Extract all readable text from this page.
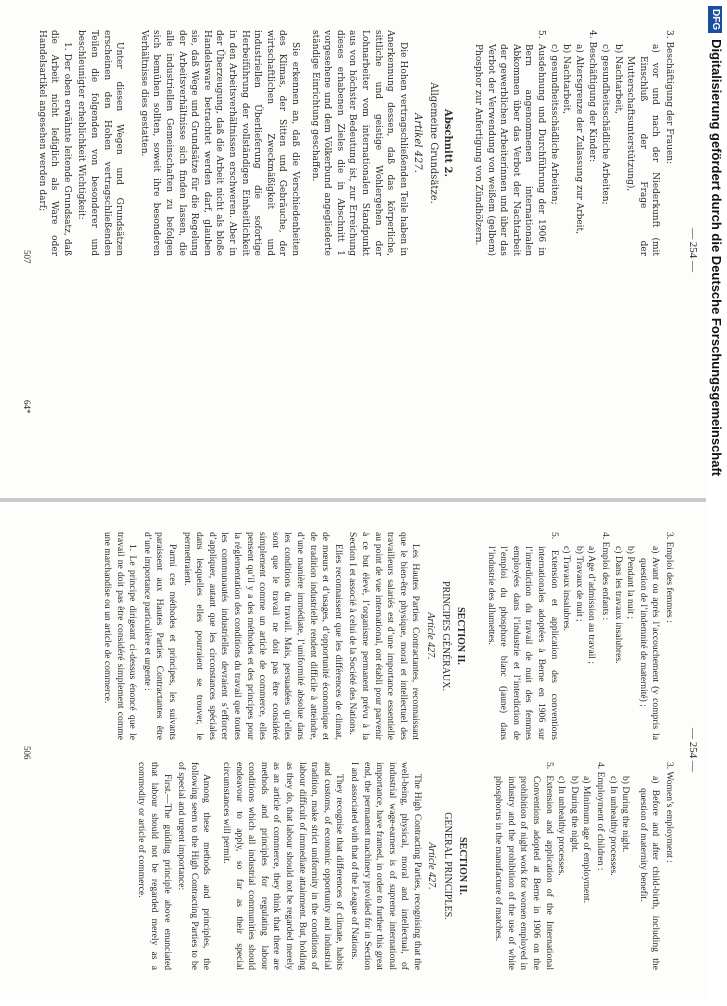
— 254 —

3. Beschäftigung der Frauen:

a) vor und nach der Niederkunft (mit Einschluß der Frage der Mutterschaftsunterstützung),

b) Nachtarbeit,

c) gesundheitsschädliche Arbeiten;

4. Beschäftigung der Kinder:

a) Altersgrenze der Zulassung zur Arbeit,

b) Nachtarbeit,

c) gesundheitsschädliche Arbeiten;

5. Ausdehnung und Durchführung der 1906 in Bern angenommenen internationalen Abkommen über das Verbot der Nachtarbeit der gewerblichen Arbeiterinnen und über das Verbot der Verwendung von weißem (gelbem) Phosphor zur Anfertigung von Zündhölzern.

Abschnitt 2.
Allgemeine Grundsätze.
Artikel 427.

Die Hohen vertragschließenden Teile haben in Anerkennung dessen, daß das körperliche, sittliche und geistige Wohlergehen der Lohnarbeiter vom internationalen Standpunkt aus von höchster Bedeutung ist, zur Erreichung dieses erhabenen Zieles die in Abschnitt 1 vorgesehene und dem Völkerbund angegliederte ständige Einrichtung geschaffen.

Sie erkennen an, daß die Verschiedenheiten des Klimas, der Sitten und Gebräuche, der wirtschaftlichen Zweckmäßigkeit und industriellen Überlieferung die sofortige Herbeiführung der vollständigen Einheitlichkeit in den Arbeitsverhältnissen erschweren. Aber in der Überzeugung, daß die Arbeit nicht als bloße Handelsware betrachtet werden darf, glauben sie, daß Wege und Grundsätze für die Regelung der Arbeitsverhältnisse sich finden lassen, die alle industriellen Gemeinschaften zu befolgen sich bemühen sollten, soweit ihre besonderen Verhältnisse dies gestatten.

Unter diesen Wegen und Grundsätzen erscheinen den Hohen vertragschließenden Teilen die folgenden von besonderer und beschleunigter erheblichkeit Wichtigkeit:

1. Der oben erwähnte leitende Grundsatz, daß die Arbeit nicht lediglich als Ware oder Handelsartikel angesehen werden darf;

507
64*
— 254 —

3. Emploi des femmes :

a) Avant ou après l’accouchement (y compris la question de l’indemnité de maternité) ;

b) Pendant la nuit ;

c) Dans les travaux insalubres.

4. Emploi des enfants :

a) Age d’admission au travail ;

b) Travaux de nuit ;

c) Travaux insalubres.

5. Extension et application des conventions internationales adoptées à Berne en 1906 sur l’interdiction du travail de nuit des femmes employées dans l’industrie et l’interdiction de l’emploi du phosphore blanc (jaune) dans l’industrie des allumettes.

SECTION II.
PRINCIPES GÉNÉRAUX.
Article 427.

Les Hautes Parties Contractantes, reconnaissant que le bien-être physique, moral et intellectuel des travailleurs salariés est d’une importance essentielle au point de vue international, ont établi pour parvenir à ce but élevé, l’organisme permanent prévu à la Section I et associé à celui de la Société des Nations.

Elles reconnaissent que les différences de climat, de mœurs et d’usages, d’opportunité économique et de tradition industrielle rendent difficile à atteindre, d’une manière immédiate, l’uniformité absolue dans les conditions du travail. Mais, persuadées qu’elles sont que le travail ne doit pas être considéré simplement comme un article de commerce, elles pensent qu’il y a des méthodes et des principes pour la réglementation des conditions du travail que toutes les communautés industrielles devraient s’efforcer d’appliquer, autant que les circonstances spéciales dans lesquelles elles pourraient se trouver, le permettraient.

Parmi ces méthodes et principes, les suivants paraissent aux Hautes Parties Contractantes être d’une importance particulière et urgente :

1. Le principe dirigeant ci-dessus énoncé que le travail ne doit pas être considéré simplement comme une marchandise ou un article de commerce.

3. Women’s employment :

a) Before and after child-birth, including the question of maternity benefit.

b) During the night.

c) In unhealthy processes.

4. Employment of children :

a) Minimum age of employment.

b) During the night.

c) In unhealthy processes.

5. Extension and application of the International Conventions adopted at Berne in 1906 on the prohibition of night work for women employed in industry and the prohibition of the use of white phosphorus in the manufacture of matches.

SECTION II.
GENERAL PRINCIPLES.
Article 427.

The High Contracting Parties, recognising that the well-being, physical, moral and intellectual, of industrial wage-earners is of supreme international importance, have framed, in order to further this great end, the permanent machinery provided for in Section I and associated with that of the League of Nations.

They recognise that differences of climate, habits and customs, of economic opportunity and industrial tradition, make strict uniformity in the conditions of labour difficult of immediate attainment. But, holding as they do, that labour should not be regarded merely as an article of commerce, they think that there are methods and principles for regulating labour conditions which all industrial communities should endeavour to apply, so far as their special circumstances will permit.

Among these methods and principles, the following seem to the High Contracting Parties to be of special and urgent importance:

First.—The guiding principle above enunciated that labour should not be regarded merely as a commodity or article of commerce.

506
DFGDigitalisierung gefördert durch die Deutsche Forschungsgemeinschaft
